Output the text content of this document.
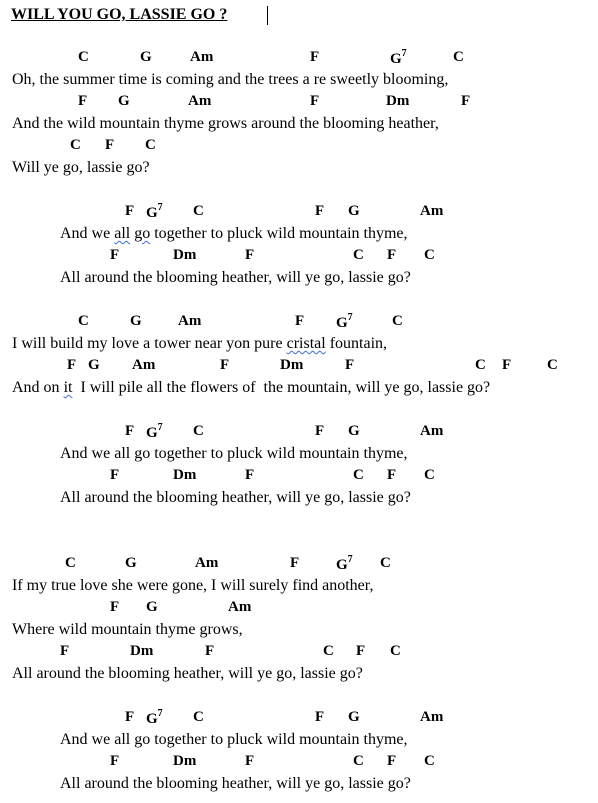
WILL YOU GO, LASSIE GO ?
C	G	Am	F	$G^7$	C
Oh, the summer time is coming and the trees a re sweetly blooming,
F G	Am	F	Dm	F
And the wild mountain thyme grows around the blooming heather,
C F C
Will ye go, lassie go?
F $G^7$ C	F G	Am
And we all go together to pluck wild mountain thyme,
F	Dm	F	C F C
All around the blooming heather, will ye go, lassie go?
C	G Am	F $G^7$	C
I will build my love a tower near yon pure cristal fountain,
F G Am	F	Dm	F	C F C
And on it  I will pile all the flowers of  the mountain, will ye go, lassie go?
F $G^7$ C	F G	Am
And we all go together to pluck wild mountain thyme,
F	Dm	F	C F C
All around the blooming heather, will ye go, lassie go?
C	G	Am	F $G^7$ C
If my true love she were gone, I will surely find another,
F G	Am
Where wild mountain thyme grows,
F	Dm	F	C F C
All around the blooming heather, will ye go, lassie go?
F $G^7$ C	F G	Am
And we all go together to pluck wild mountain thyme,
F	Dm	F	C F C
All around the blooming heather, will ye go, lassie go?
